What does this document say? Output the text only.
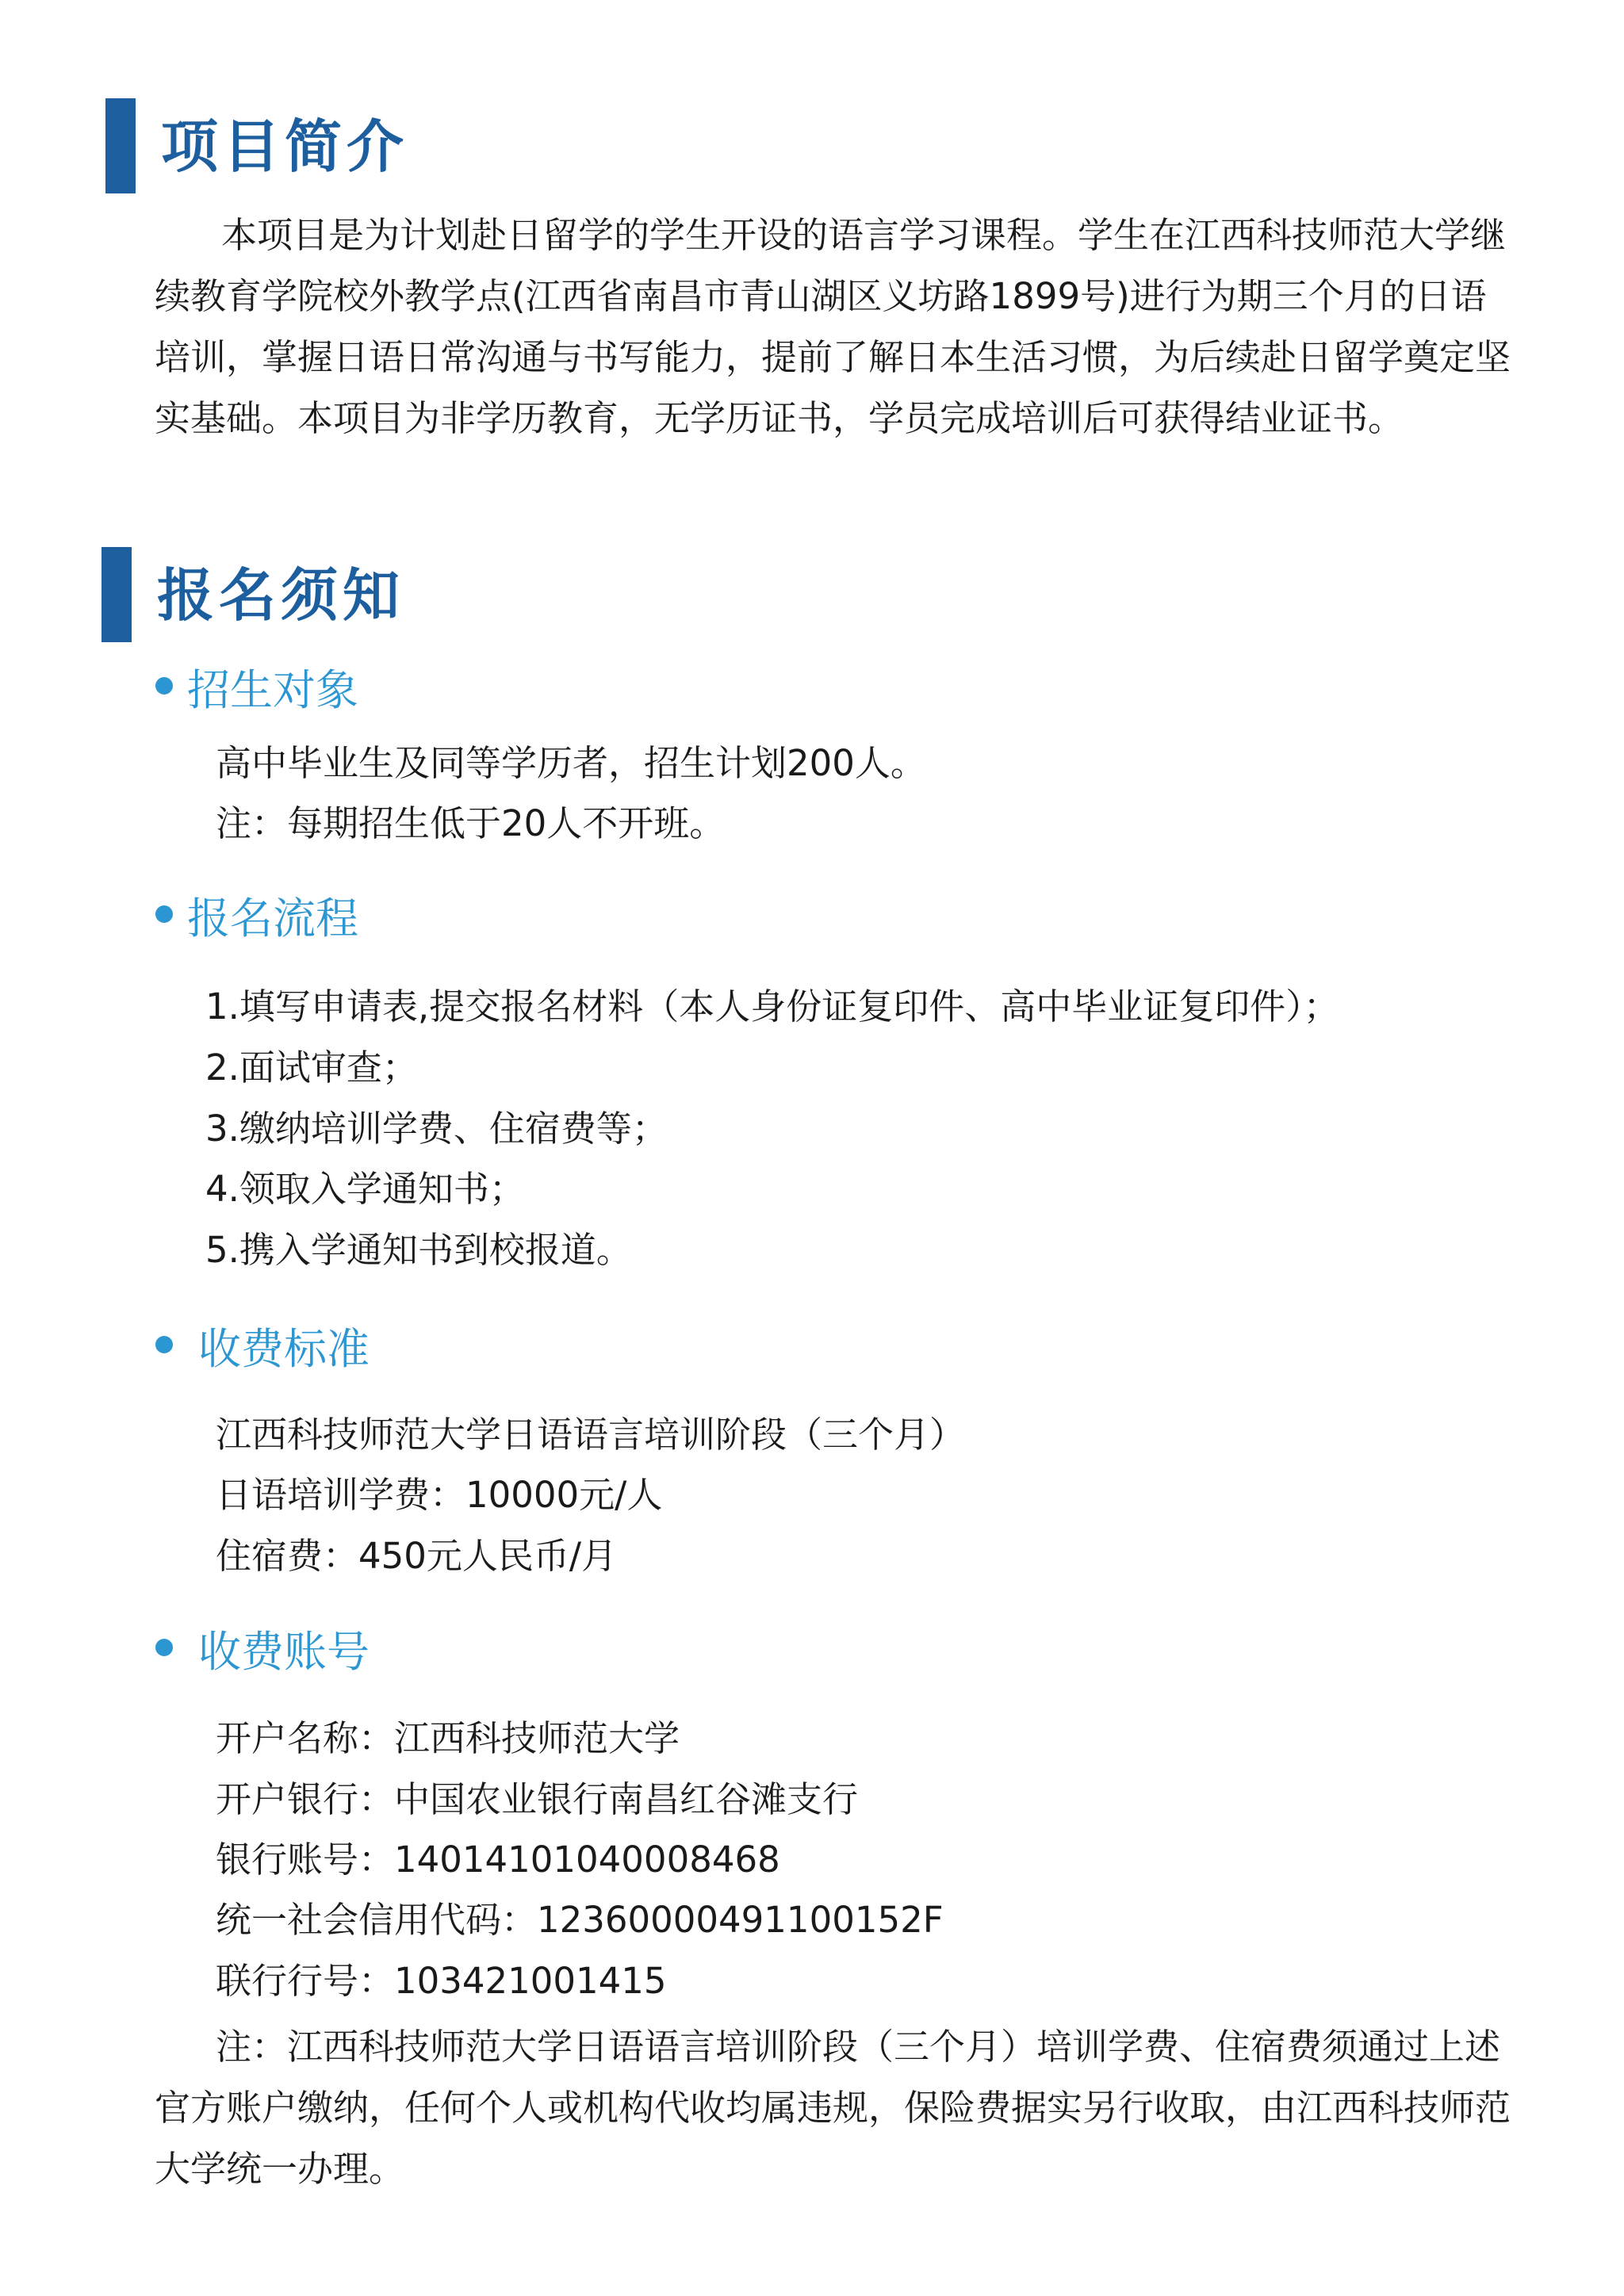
项目简介

本项目是为计划赴日留学的学生开设的语言学习课程。学生在江西科技师范大学继续教育学院校外教学点(江西省南昌市青山湖区义坊路1899号)进行为期三个月的日语培训，掌握日语日常沟通与书写能力，提前了解日本生活习惯，为后续赴日留学奠定坚实基础。本项目为非学历教育，无学历证书，学员完成培训后可获得结业证书。

报名须知
招生对象
高中毕业生及同等学历者，招生计划200人。
注：每期招生低于20人不开班。
报名流程
1.填写申请表,提交报名材料（本人身份证复印件、高中毕业证复印件）；
2.面试审查；
3.缴纳培训学费、住宿费等；
4.领取入学通知书；
5.携入学通知书到校报道。
收费标准
江西科技师范大学日语语言培训阶段（三个月）
日语培训学费：10000元/人
住宿费：450元人民币/月
收费账号
开户名称：江西科技师范大学
开户银行：中国农业银行南昌红谷滩支行
银行账号：14014101040008468
统一社会信用代码：12360000491100152F
联行行号：103421001415

注：江西科技师范大学日语语言培训阶段（三个月）培训学费、住宿费须通过上述官方账户缴纳，任何个人或机构代收均属违规，保险费据实另行收取，由江西科技师范大学统一办理。
